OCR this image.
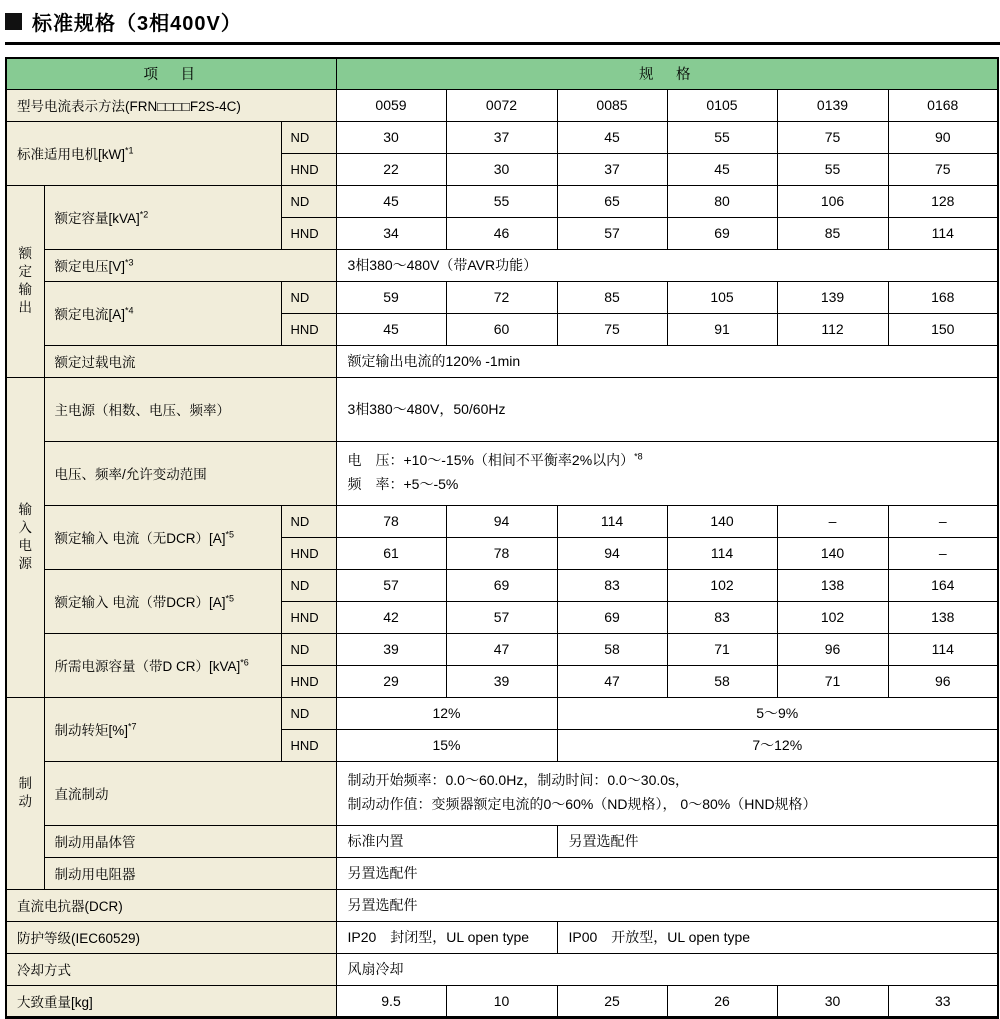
标准规格（3相400V）
项　目			规　格					
型号电流表示方法(FRN□□□□F2S-4C)			0059	0072	0085	0105	0139	0168
标准适用电机[kW]$^{*1}$		ND	30	37	45	55	75	90
		HND	22	30	37	45	55	75
额定输出	额定容量[kVA]$^{*2}$	ND	45	55	65	80	106	128
		HND	34	46	57	69	85	114
	额定电压$[V]^{*3}$		3相380～480V（带AVR功能）					
	额定电流$[A]^{*4}$	ND	59	72	85	105	139	168
		HND	45	60	75	91	112	150
	额定过载电流		额定输出电流的120% -1min					
输入电源	主电源（相数、电压、频率）		3相380～480V，50/60Hz					
	电压、频率/允许变动范围		电　压：+10～-15%（相间不平衡率2%以内）$^{*8}$
频　率：+5～-5%					

	额定输入 电流（无$DCR)[A]^{*5}$	ND	78	94	114	140	–	–
		HND	61	78	94	114	140	–
	额定输入 电流（带$DCR)[A]^{*5}$	ND	57	69	83	102	138	164
		HND	42	57	69	83	102	138
	所需电源容量（带D CR）[kVA]$^{*6}$	ND	39	47	58	71	96	114
		HND	29	39	47	58	71	96
制动	制动转矩[%]$^{*7}$	ND	12%		5～9%			
		HND	15%		7～12%			
	直流制动		制动开始频率：0.0～60.0Hz，制动时间：0.0～30.0s，
制动动作值：变频器额定电流的0～60%（ND规格）， 0～80%（HND规格）					

	制动用晶体管		标准内置		另置选配件			
	制动用电阻器		另置选配件					
直流电抗器(DCR)			另置选配件					
防护等级(IEC60529)			IP20　封闭型，UL open type		IP00　开放型，UL open type			
冷却方式			风扇冷却					
大致重量[kg]			9.5	10	25	26	30	33
